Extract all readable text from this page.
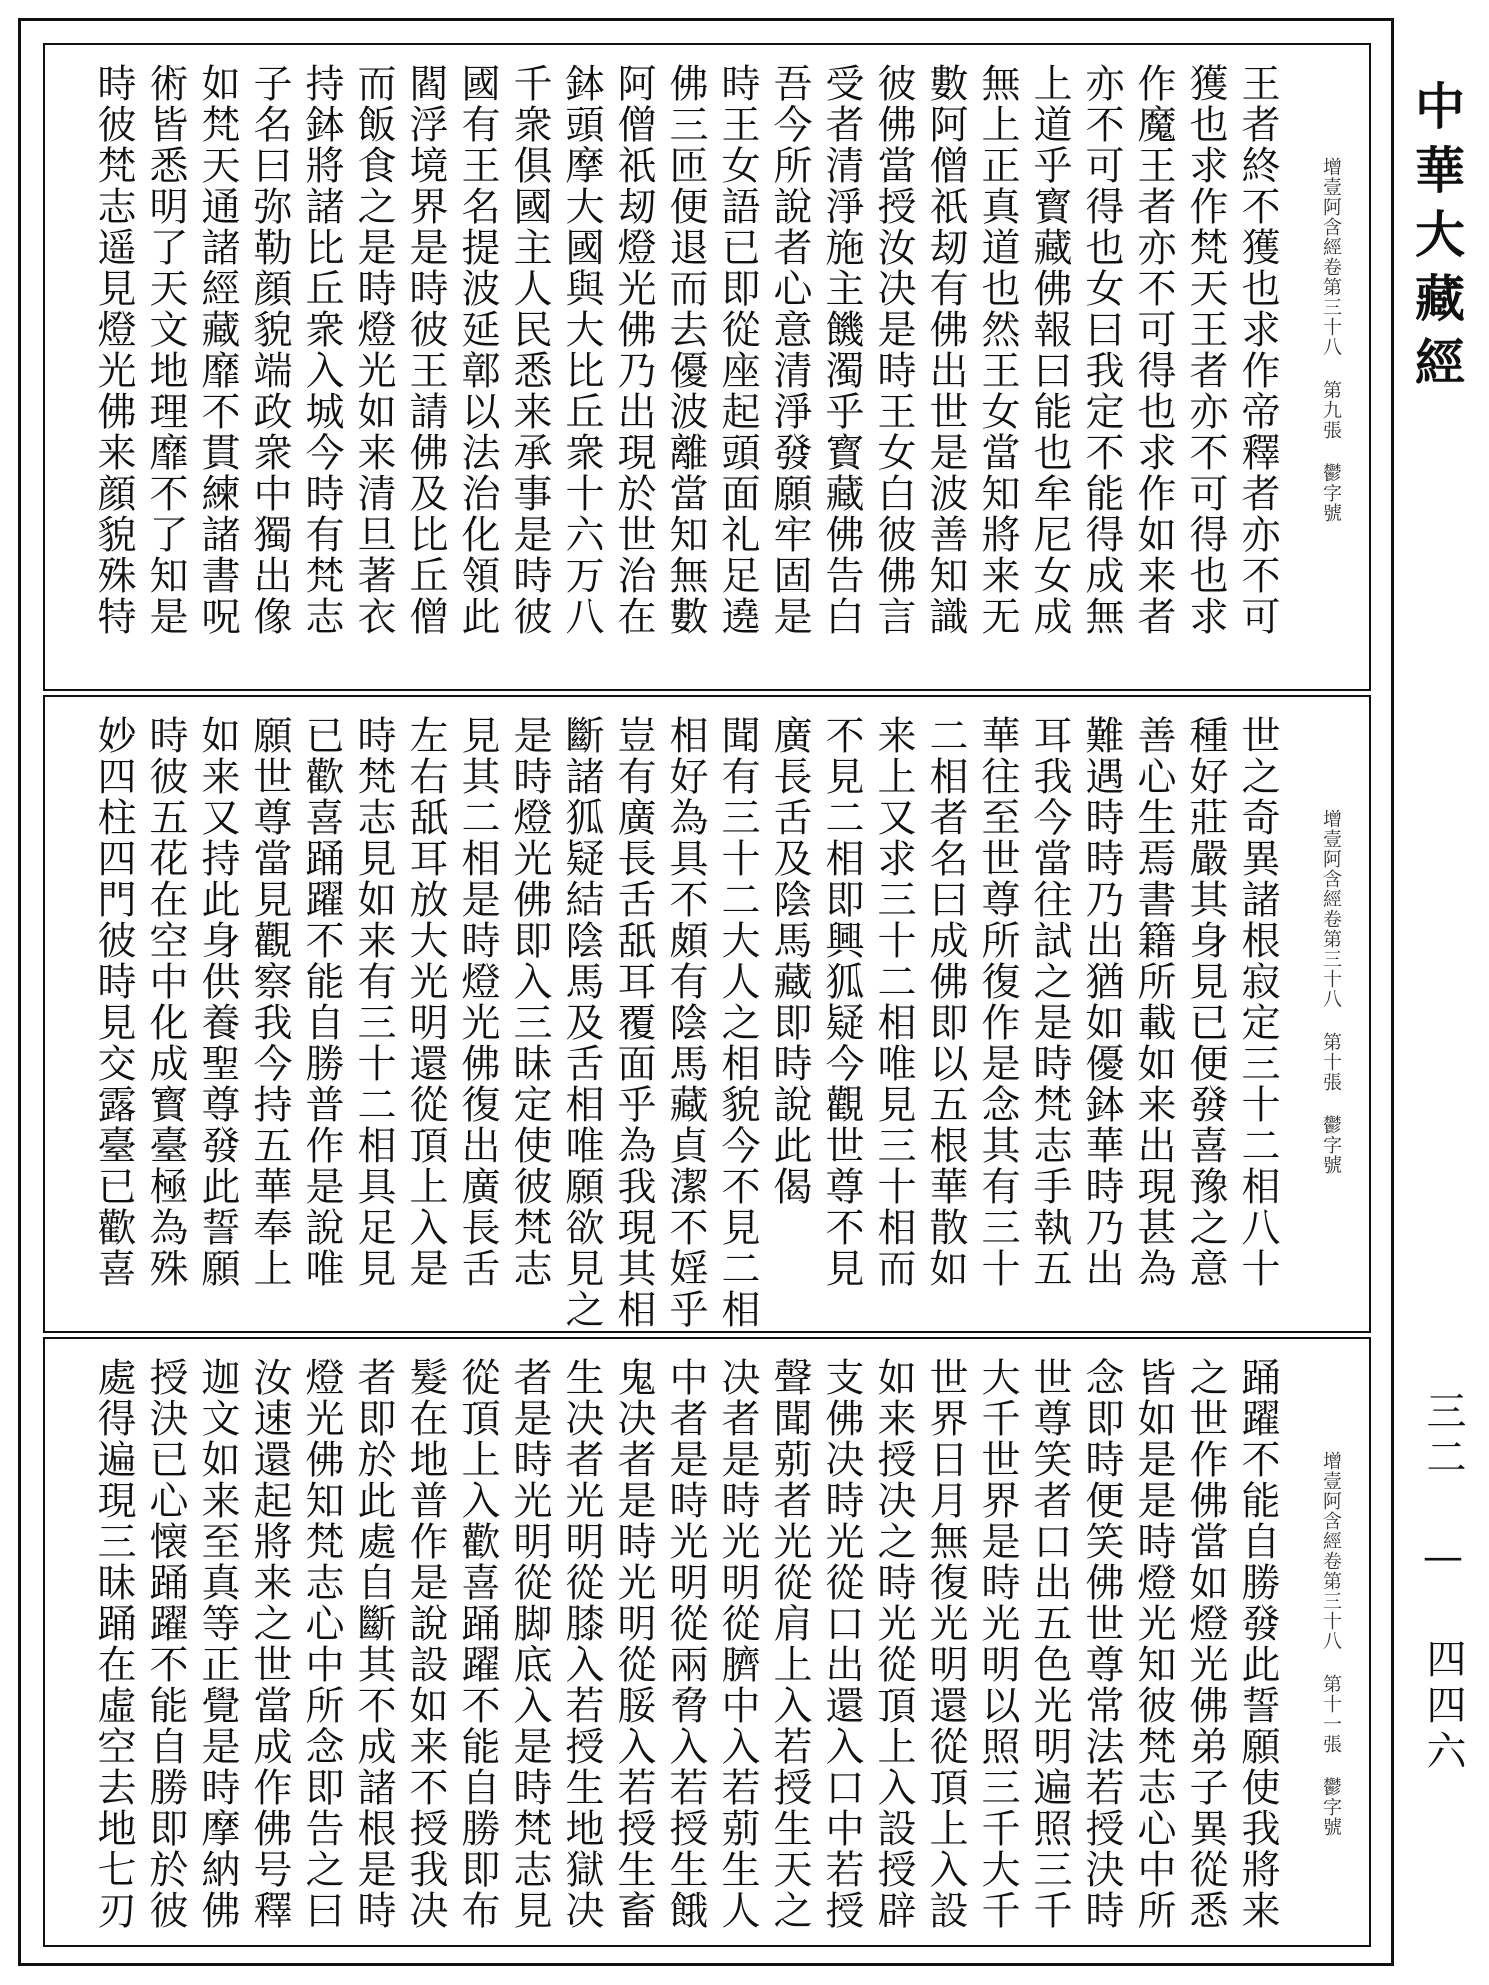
增壹阿含經卷第三十八 第九張 鬱字號
王者終不獲也求作帝釋者亦不可
獲也求作梵天王者亦不可得也求
作魔王者亦不可得也求作如来者
亦不可得也女曰我定不能得成無
上道乎寳藏佛報曰能也牟尼女成
無上正真道也然王女當知將来无
數阿僧祇刼有佛出世是波善知識
彼佛當授汝决是時王女白彼佛言
受者清淨施主饑濁乎寳藏佛告白
吾今所說者心意清淨發願牢固是
時王女語已即從座起頭面礼足遶
佛三匝便退而去優波離當知無數
阿僧祇刼燈光佛乃出現於世治在
鉢頭摩大國與大比丘衆十六万八
千衆俱國主人民悉来承事是時彼
國有王名提波延鄣以法治化領此
閻浮境界是時彼王請佛及比丘僧
而飯食之是時燈光如来清旦著衣
持鉢將諸比丘衆入城今時有梵志
子名曰弥勒顔貌端政衆中獨出像
如梵天通諸經藏靡不貫練諸書呪
術皆悉明了天文地理靡不了知是
時彼梵志遥見燈光佛来顔貌殊特
增壹阿含經卷第三十八 第十張 鬱字號
世之奇異諸根寂定三十二相八十
種好莊嚴其身見已便發喜豫之意
善心生焉書籍所載如来出現甚為
難遇時時乃出猶如優鉢華時乃出
耳我今當往試之是時梵志手執五
華往至世尊所復作是念其有三十
二相者名曰成佛即以五根華散如
来上又求三十二相唯見三十相而
不見二相即興狐疑今觀世尊不見
廣長舌及陰馬藏即時說此偈
聞有三十二大人之相貌今不見二相
相好為具不頗有陰馬藏貞潔不婬乎
豈有廣長舌舐耳覆面乎為我現其相
斷諸狐疑結陰馬及舌相唯願欲見之
是時燈光佛即入三昧定使彼梵志
見其二相是時燈光佛復出廣長舌
左右舐耳放大光明還從頂上入是
時梵志見如来有三十二相具足見
已歡喜踊躍不能自勝普作是說唯
願世尊當見觀察我今持五華奉上
如来又持此身供養聖尊發此誓願
時彼五花在空中化成寳臺極為殊
妙四柱四門彼時見交露臺已歡喜
增壹阿含經卷第三十八 第十一張 鬱字號
踊躍不能自勝發此誓願使我將来
之世作佛當如燈光佛弟子異從悉
皆如是是時燈光知彼梵志心中所
念即時便笑佛世尊常法若授決時
世尊笑者口出五色光明遍照三千
大千世界是時光明以照三千大千
世界日月無復光明還從頂上入設
如来授决之時光從頂上入設授辟
支佛决時光從口出還入口中若授
聲聞莂者光從肩上入若授生天之
决者是時光明從臍中入若莂生人
中者是時光明從兩脅入若授生餓
鬼决者是時光明從脮入若授生畜
生决者光明從膝入若授生地獄决
者是時光明從脚底入是時梵志見
從頂上入歡喜踊躍不能自勝即布
髮在地普作是說設如来不授我决
者即於此處自斷其不成諸根是時
燈光佛知梵志心中所念即告之曰
汝速還起將来之世當成作佛号釋
迦文如来至真等正覺是時摩納佛
授決已心懐踊躍不能自勝即於彼
處得遍現三昧踊在虛空去地七刃
中華大藏經
三二 — 四四六
